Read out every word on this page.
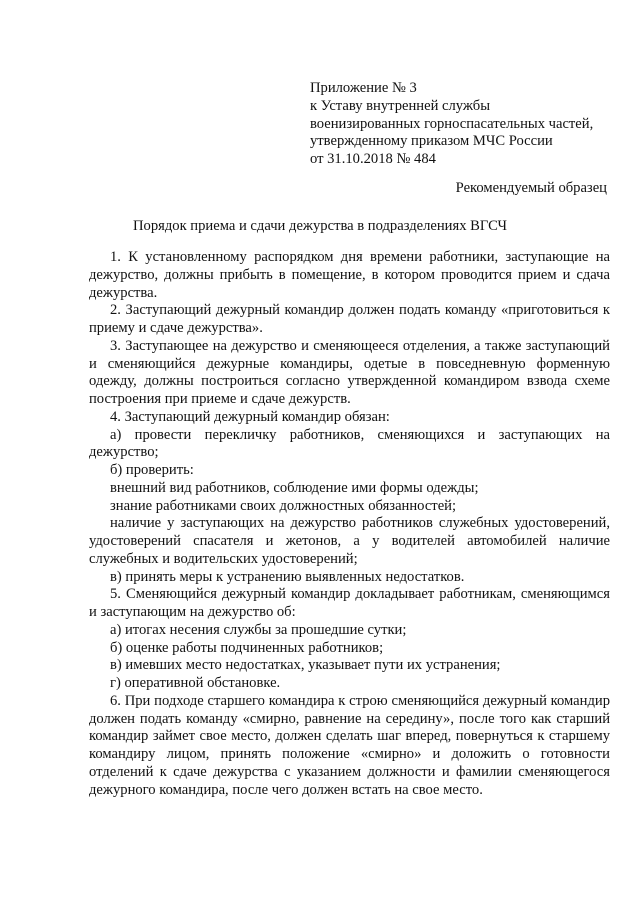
Приложение № 3
к Уставу внутренней службы
военизированных горноспасательных частей,
утвержденному приказом МЧС России
от 31.10.2018 № 484
Рекомендуемый образец
Порядок приема и сдачи дежурства в подразделениях ВГСЧ

1. К установленному распорядком дня времени работники, заступающие на дежурство, должны прибыть в помещение, в котором проводится прием и сдача дежурства.

2. Заступающий дежурный командир должен подать команду «приготовиться к приему и сдаче дежурства».

3. Заступающее на дежурство и сменяющееся отделения, а также заступающий и сменяющийся дежурные командиры, одетые в повседневную форменную одежду, должны построиться согласно утвержденной командиром взвода схеме построения при приеме и сдаче дежурств.

4. Заступающий дежурный командир обязан:

а) провести перекличку работников, сменяющихся и заступающих на дежурство;

б) проверить:

внешний вид работников, соблюдение ими формы одежды;

знание работниками своих должностных обязанностей;

наличие у заступающих на дежурство работников служебных удостоверений, удостоверений спасателя и жетонов, а у водителей автомобилей наличие служебных и водительских удостоверений;

в) принять меры к устранению выявленных недостатков.

5. Сменяющийся дежурный командир докладывает работникам, сменяющимся и заступающим на дежурство об:

а) итогах несения службы за прошедшие сутки;

б) оценке работы подчиненных работников;

в) имевших место недостатках, указывает пути их устранения;

г) оперативной обстановке.

6. При подходе старшего командира к строю сменяющийся дежурный командир должен подать команду «смирно, равнение на середину», после того как старший командир займет свое место, должен сделать шаг вперед, повернуться к старшему командиру лицом, принять положение «смирно» и доложить о готовности отделений к сдаче дежурства с указанием должности и фамилии сменяющегося дежурного командира, после чего должен встать на свое место.
